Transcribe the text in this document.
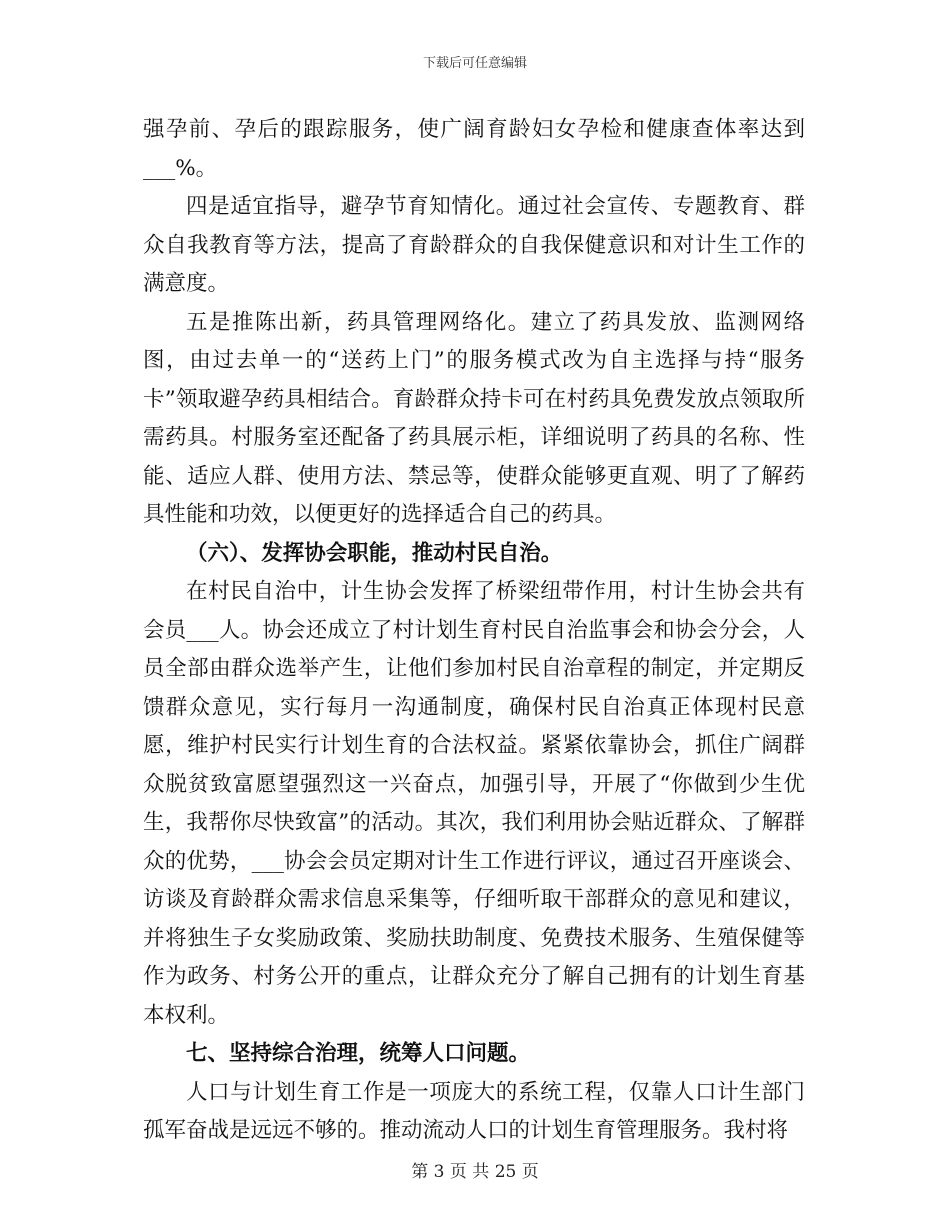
下载后可任意编辑

强孕前、孕后的跟踪服务，使广阔育龄妇女孕检和健康查体率达到___%。

四是适宜指导，避孕节育知情化。通过社会宣传、专题教育、群众自我教育等方法，提高了育龄群众的自我保健意识和对计生工作的满意度。

五是推陈出新，药具管理网络化。建立了药具发放、监测网络图，由过去单一的“送药上门”的服务模式改为自主选择与持“服务卡”领取避孕药具相结合。育龄群众持卡可在村药具免费发放点领取所需药具。村服务室还配备了药具展示柜，详细说明了药具的名称、性能、适应人群、使用方法、禁忌等，使群众能够更直观、明了了解药具性能和功效，以便更好的选择适合自己的药具。

（六）、发挥协会职能，推动村民自治。

在村民自治中，计生协会发挥了桥梁纽带作用，村计生协会共有会员___人。协会还成立了村计划生育村民自治监事会和协会分会，人员全部由群众选举产生，让他们参加村民自治章程的制定，并定期反馈群众意见，实行每月一沟通制度，确保村民自治真正体现村民意愿，维护村民实行计划生育的合法权益。紧紧依靠协会，抓住广阔群众脱贫致富愿望强烈这一兴奋点，加强引导，开展了“你做到少生优生，我帮你尽快致富”的活动。其次，我们利用协会贴近群众、了解群众的优势，___协会会员定期对计生工作进行评议，通过召开座谈会、访谈及育龄群众需求信息采集等，仔细听取干部群众的意见和建议，并将独生子女奖励政策、奖励扶助制度、免费技术服务、生殖保健等作为政务、村务公开的重点，让群众充分了解自己拥有的计划生育基本权利。

七、坚持综合治理，统筹人口问题。

人口与计划生育工作是一项庞大的系统工程，仅靠人口计生部门孤军奋战是远远不够的。推动流动人口的计划生育管理服务。我村将

第 3 页 共 25 页
